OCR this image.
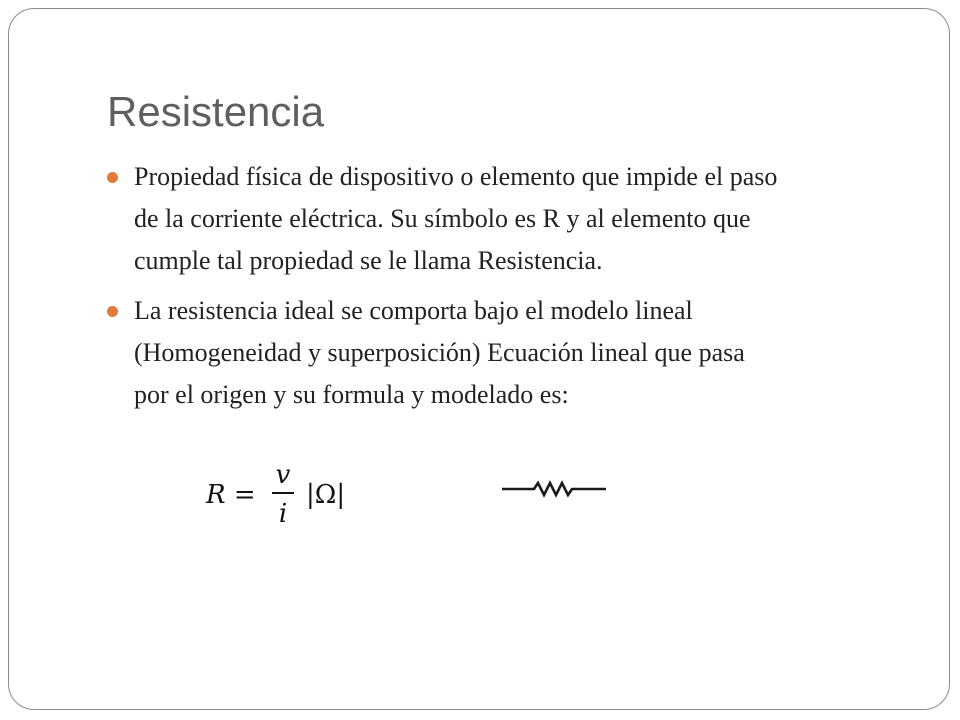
Resistencia
Propiedad física de dispositivo o elemento que impide el paso
de la corriente eléctrica. Su símbolo es R y al elemento que
cumple tal propiedad se le llama Resistencia.
La resistencia ideal se comporta bajo el modelo lineal
(Homogeneidad y superposición) Ecuación lineal que pasa
por el origen y su formula y modelado es:
R =
v
i
|Ω|
